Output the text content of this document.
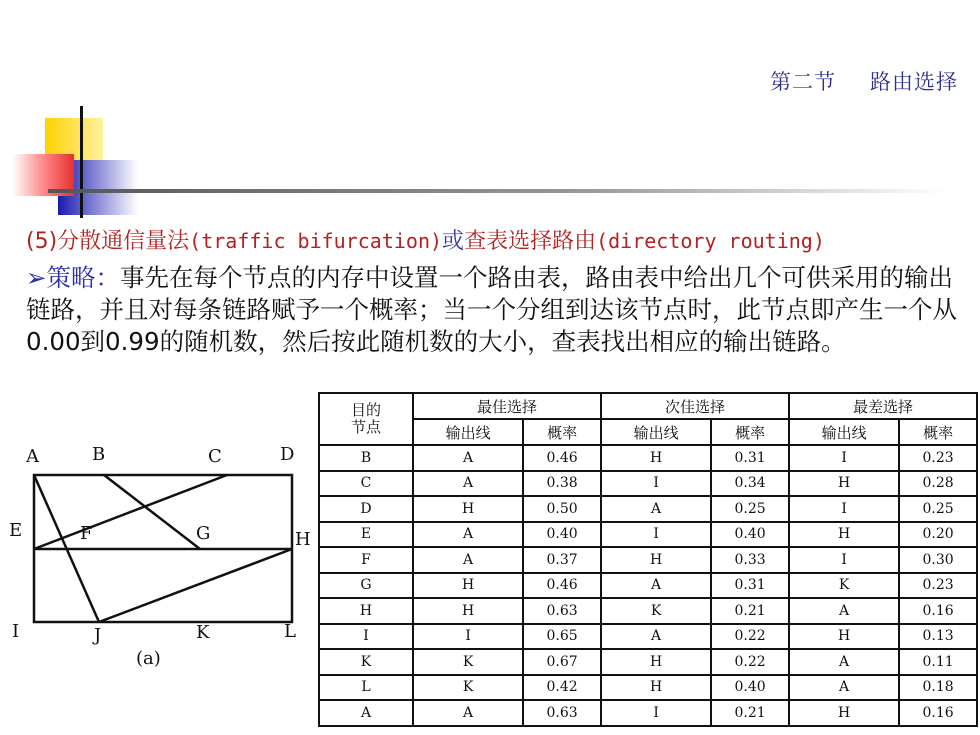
第二节 路由选择
(5)分散通信量法(traffic bifurcation)或查表选择路由(directory routing)
➢策略：事先在每个节点的内存中设置一个路由表，路由表中给出几个可供采用的输出链路，并且对每条链路赋予一个概率；当一个分组到达该节点时，此节点即产生一个从0.00到0.99的随机数，然后按此随机数的大小，查表找出相应的输出链路。
A	B	C	D
E	F	G	H
I	J	K	L
(a)
目的
节点	最佳选择		次佳选择		最差选择	
	输出线	概率	输出线	概率	输出线	概率
B	A	0.46	H	0.31	I	0.23
C	A	0.38	I	0.34	H	0.28
D	H	0.50	A	0.25	I	0.25
E	A	0.40	I	0.40	H	0.20
F	A	0.37	H	0.33	I	0.30
G	H	0.46	A	0.31	K	0.23
H	H	0.63	K	0.21	A	0.16
I	I	0.65	A	0.22	H	0.13
K	K	0.67	H	0.22	A	0.11
L	K	0.42	H	0.40	A	0.18
A	A	0.63	I	0.21	H	0.16
